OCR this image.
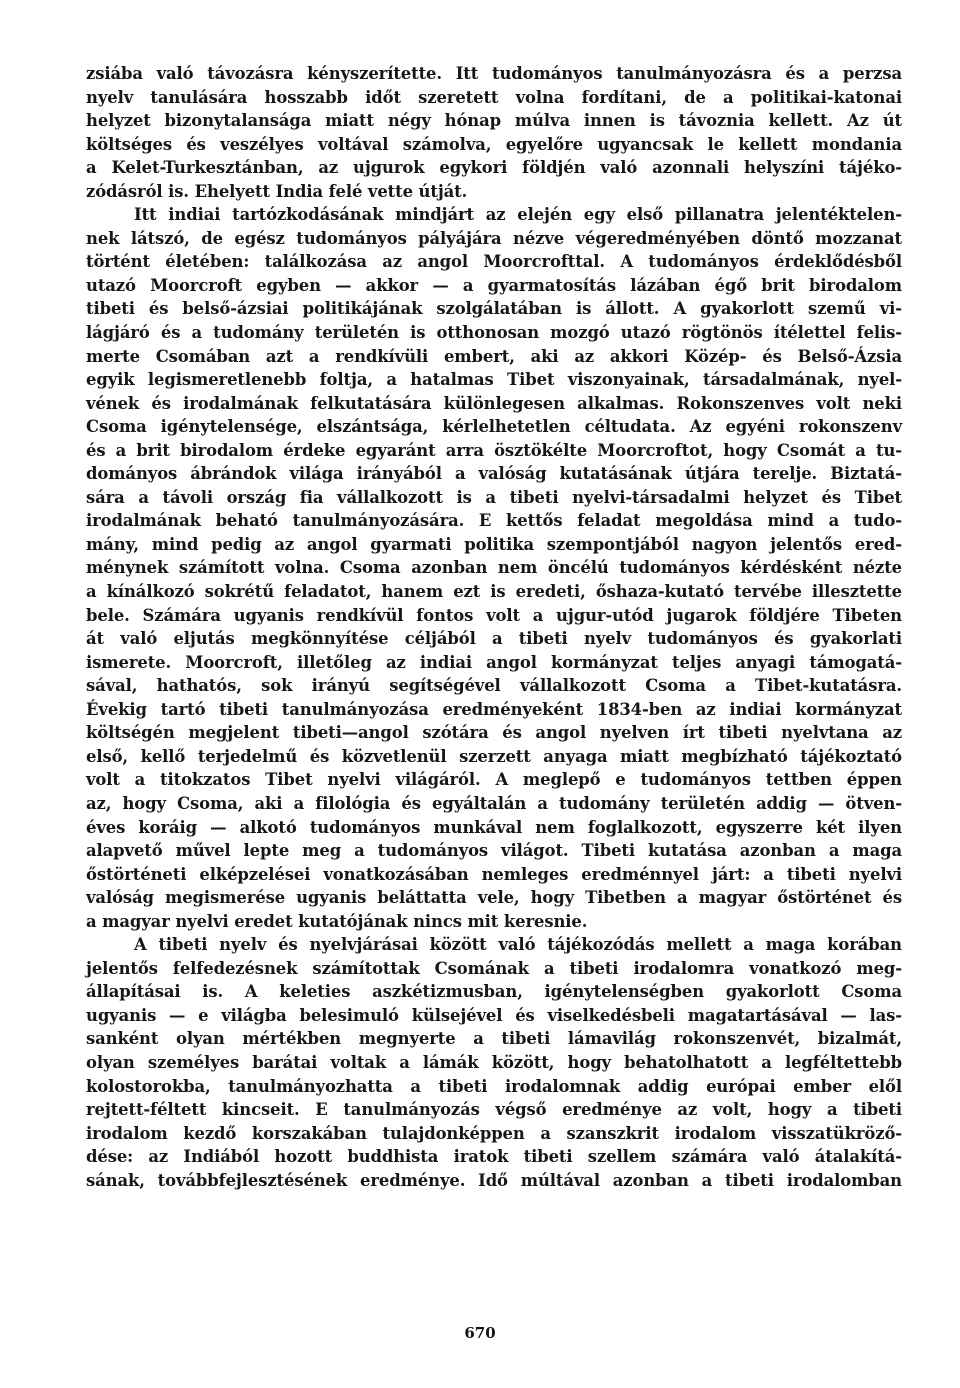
zsiába való távozásra kényszerítette. Itt tudományos tanulmányozásra és a perzsa
nyelv tanulására hosszabb időt szeretett volna fordítani, de a politikai-katonai
helyzet bizonytalansága miatt négy hónap múlva innen is távoznia kellett. Az út
költséges és veszélyes voltával számolva, egyelőre ugyancsak le kellett mondania
a Kelet-Turkesztánban, az ujgurok egykori földjén való azonnali helyszíni tájéko-
zódásról is. Ehelyett India felé vette útját.

Itt indiai tartózkodásának mindjárt az elején egy első pillanatra jelentéktelen-
nek látszó, de egész tudományos pályájára nézve végeredményében döntő mozzanat
történt életében: találkozása az angol Moorcrofttal. A tudományos érdeklődésből
utazó Moorcroft egyben — akkor — a gyarmatosítás lázában égő brit birodalom
tibeti és belső-ázsiai politikájának szolgálatában is állott. A gyakorlott szemű vi-
lágjáró és a tudomány területén is otthonosan mozgó utazó rögtönös ítélettel felis-
merte Csomában azt a rendkívüli embert, aki az akkori Közép- és Belső-Ázsia
egyik legismeretlenebb foltja, a hatalmas Tibet viszonyainak, társadalmának, nyel-
vének és irodalmának felkutatására különlegesen alkalmas. Rokonszenves volt neki
Csoma igénytelensége, elszántsága, kérlelhetetlen céltudata. Az egyéni rokonszenv
és a brit birodalom érdeke egyaránt arra ösztökélte Moorcroftot, hogy Csomát a tu-
dományos ábrándok világa irányából a valóság kutatásának útjára terelje. Biztatá-
sára a távoli ország fia vállalkozott is a tibeti nyelvi-társadalmi helyzet és Tibet
irodalmának beható tanulmányozására. E kettős feladat megoldása mind a tudo-
mány, mind pedig az angol gyarmati politika szempontjából nagyon jelentős ered-
ménynek számított volna. Csoma azonban nem öncélú tudományos kérdésként nézte
a kínálkozó sokrétű feladatot, hanem ezt is eredeti, őshaza-kutató tervébe illesztette
bele. Számára ugyanis rendkívül fontos volt a ujgur-utód jugarok földjére Tibeten
át való eljutás megkönnyítése céljából a tibeti nyelv tudományos és gyakorlati
ismerete. Moorcroft, illetőleg az indiai angol kormányzat teljes anyagi támogatá-
sával, hathatós, sok irányú segítségével vállalkozott Csoma a Tibet-kutatásra.
Évekig tartó tibeti tanulmányozása eredményeként 1834-ben az indiai kormányzat
költségén megjelent tibeti—angol szótára és angol nyelven írt tibeti nyelvtana az
első, kellő terjedelmű és közvetlenül szerzett anyaga miatt megbízható tájékoztató
volt a titokzatos Tibet nyelvi világáról. A meglepő e tudományos tettben éppen
az, hogy Csoma, aki a filológia és egyáltalán a tudomány területén addig — ötven-
éves koráig — alkotó tudományos munkával nem foglalkozott, egyszerre két ilyen
alapvető művel lepte meg a tudományos világot. Tibeti kutatása azonban a maga
őstörténeti elképzelései vonatkozásában nemleges eredménnyel járt: a tibeti nyelvi
valóság megismerése ugyanis beláttatta vele, hogy Tibetben a magyar őstörténet és
a magyar nyelvi eredet kutatójának nincs mit keresnie.

A tibeti nyelv és nyelvjárásai között való tájékozódás mellett a maga korában
jelentős felfedezésnek számítottak Csomának a tibeti irodalomra vonatkozó meg-
állapításai is. A keleties aszkétizmusban, igénytelenségben gyakorlott Csoma
ugyanis — e világba belesimuló külsejével és viselkedésbeli magatartásával — las-
sanként olyan mértékben megnyerte a tibeti lámavilág rokonszenvét, bizalmát,
olyan személyes barátai voltak a lámák között, hogy behatolhatott a legféltettebb
kolostorokba, tanulmányozhatta a tibeti irodalomnak addig európai ember elől
rejtett-féltett kincseit. E tanulmányozás végső eredménye az volt, hogy a tibeti
irodalom kezdő korszakában tulajdonképpen a szanszkrit irodalom visszatükröző-
dése: az Indiából hozott buddhista iratok tibeti szellem számára való átalakítá-
sának, továbbfejlesztésének eredménye. Idő múltával azonban a tibeti irodalomban

670
